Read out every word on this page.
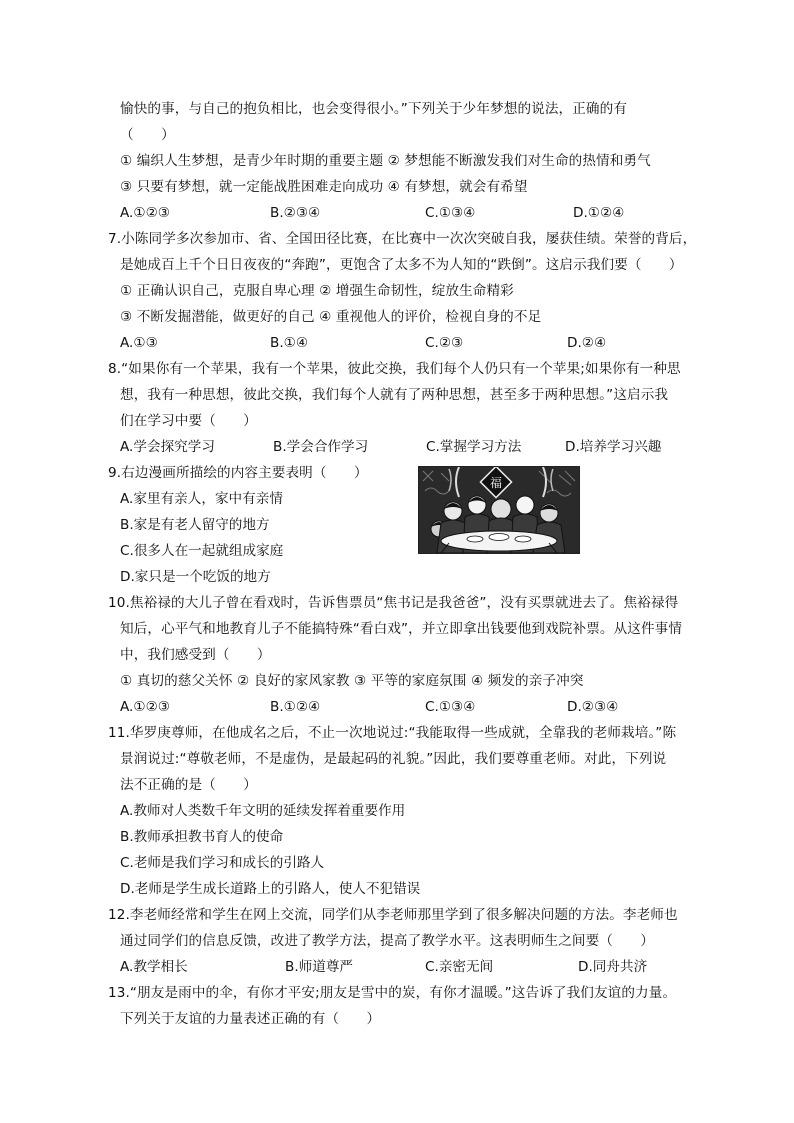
愉快的事，与自己的抱负相比，也会变得很小。”下列关于少年梦想的说法，正确的有
（　　）
① 编织人生梦想，是青少年时期的重要主题 ② 梦想能不断激发我们对生命的热情和勇气
③ 只要有梦想，就一定能战胜困难走向成功 ④ 有梦想，就会有希望
A.①②③	B.②③④	C.①③④	D.①②④
7.小陈同学多次参加市、省、全国田径比赛，在比赛中一次次突破自我，屡获佳绩。荣誉的背后，
是她成百上千个日日夜夜的“奔跑”，更饱含了太多不为人知的“跌倒”。这启示我们要（　　）
① 正确认识自己，克服自卑心理 ② 增强生命韧性，绽放生命精彩
③ 不断发掘潜能，做更好的自己 ④ 重视他人的评价，检视自身的不足
A.①③	B.①④	C.②③	D.②④
8.“如果你有一个苹果，我有一个苹果，彼此交换，我们每个人仍只有一个苹果;如果你有一种思
想，我有一种思想，彼此交换，我们每个人就有了两种思想，甚至多于两种思想。”这启示我
们在学习中要（　　）
A.学会探究学习	B.学会合作学习	C.掌握学习方法	D.培养学习兴趣
9.右边漫画所描绘的内容主要表明（　　）
A.家里有亲人，家中有亲情
B.家是有老人留守的地方
C.很多人在一起就组成家庭
D.家只是一个吃饭的地方
福
10.焦裕禄的大儿子曾在看戏时，告诉售票员“焦书记是我爸爸”，没有买票就进去了。焦裕禄得
知后，心平气和地教育儿子不能搞特殊“看白戏”，并立即拿出钱要他到戏院补票。从这件事情
中，我们感受到（　　）
① 真切的慈父关怀 ② 良好的家风家教 ③ 平等的家庭氛围 ④ 频发的亲子冲突
A.①②③	B.①②④	C.①③④	D.②③④
11.华罗庚尊师，在他成名之后，不止一次地说过:“我能取得一些成就，全靠我的老师栽培。”陈
景润说过:“尊敬老师，不是虚伪，是最起码的礼貌。”因此，我们要尊重老师。对此，下列说
法不正确的是（　　）
A.教师对人类数千年文明的延续发挥着重要作用
B.教师承担教书育人的使命
C.老师是我们学习和成长的引路人
D.老师是学生成长道路上的引路人，使人不犯错误
12.李老师经常和学生在网上交流，同学们从李老师那里学到了很多解决问题的方法。李老师也
通过同学们的信息反馈，改进了教学方法，提高了教学水平。这表明师生之间要（　　）
A.教学相长	B.师道尊严	C.亲密无间	D.同舟共济
13.“朋友是雨中的伞，有你才平安;朋友是雪中的炭，有你才温暖。”这告诉了我们友谊的力量。
下列关于友谊的力量表述正确的有（　　）
